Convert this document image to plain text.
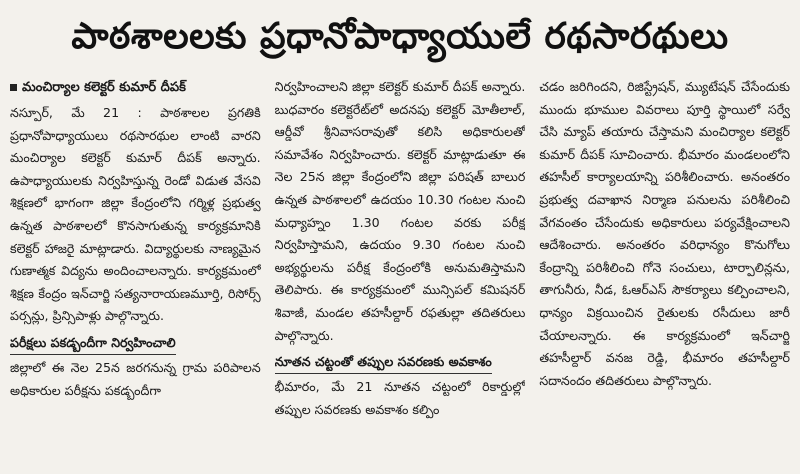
పాఠశాలలకు ప్రధానోపాధ్యాయులే రథసారథులు
మంచిర్యాల కలెక్టర్ కుమార్ దీపక్

నస్పూర్, మే 21 : పాఠశాలల ప్రగతికి ప్రధానోపాధ్యాయులు రథసారథుల లాంటి వారని మంచిర్యాల కలెక్టర్ కుమార్ దీపక్ అన్నారు. ఉపాధ్యాయులకు నిర్వహిస్తున్న రెండో విడుత వేసవి శిక్షణలో భాగంగా జిల్లా కేంద్రంలోని గర్మిళ్ల ప్రభుత్వ ఉన్నత పాఠశాలలో కొనసాగుతున్న కార్యక్రమానికి కలెక్టర్ హాజరై మాట్లాడారు. విద్యార్థులకు నాణ్యమైన గుణాత్మక విద్యను అందించాలన్నారు. కార్యక్రమంలో శిక్షణ కేంద్రం ఇన్‌చార్జి సత్యనారాయణమూర్తి, రిసోర్స్ పర్సన్లు, ప్రిన్సిపాళ్లు పాల్గొన్నారు.

పరీక్షలు పకడ్బందీగా నిర్వహించాలి

జిల్లాలో ఈ నెల 25న జరగనున్న గ్రామ పరిపాలన అధికారుల పరీక్షను పకడ్బందీగా

నిర్వహించాలని జిల్లా కలెక్టర్ కుమార్ దీపక్ అన్నారు. బుధవారం కలెక్టరేట్‌లో అదనపు కలెక్టర్ మోతీలాల్, ఆర్డీవో శ్రీనివాసరావుతో కలిసి అధికారులతో సమావేశం నిర్వహించారు. కలెక్టర్ మాట్లాడుతూ ఈ నెల 25న జిల్లా కేంద్రంలోని జిల్లా పరిషత్ బాలుర ఉన్నత పాఠశాలలో ఉదయం 10.30 గంటల నుంచి మధ్యాహ్నం 1.30 గంటల వరకు పరీక్ష నిర్వహిస్తామని, ఉదయం 9.30 గంటల నుంచి అభ్యర్థులను పరీక్ష కేంద్రంలోకి అనుమతిస్తామని తెలిపారు. ఈ కార్యక్రమంలో మున్సిపల్ కమిషనర్ శివాజీ, మండల తహసీల్దార్ రఫతుల్లా తదితరులు పాల్గొన్నారు.

నూతన చట్టంతో తప్పుల సవరణకు అవకాశం

భీమారం, మే 21 నూతన చట్టంలో రికార్డుల్లో తప్పుల సవరణకు అవకాశం కల్పిం

చడం జరిగిందని, రిజిస్ట్రేషన్, మ్యుటేషన్ చేసేందుకు ముందు భూముల వివరాలు పూర్తి స్థాయిలో సర్వే చేసి మ్యాప్ తయారు చేస్తామని మంచిర్యాల కలెక్టర్ కుమార్ దీపక్ సూచించారు. భీమారం మండలంలోని తహసీల్ కార్యాలయాన్ని పరిశీలించారు. అనంతరం ప్రభుత్వ దవాఖాన నిర్మాణ పనులను పరిశీలించి వేగవంతం చేసేందుకు అధికారులు పర్యవేక్షించాలని ఆదేశించారు. అనంతరం వరిధాన్యం కొనుగోలు కేంద్రాన్ని పరిశీలించి గోనె సంచులు, టార్పాలిన్లను, తాగునీరు, నీడ, ఓఆర్ఎస్ సౌకర్యాలు కల్పించాలని, ధాన్యం విక్రయించిన రైతులకు రసీదులు జారీ చేయాలన్నారు. ఈ కార్యక్రమంలో ఇన్‌చార్జి తహసీల్దార్ వనజ రెడ్డి, భీమారం తహసీల్దార్ సదానందం తదితరులు పాల్గొన్నారు.
